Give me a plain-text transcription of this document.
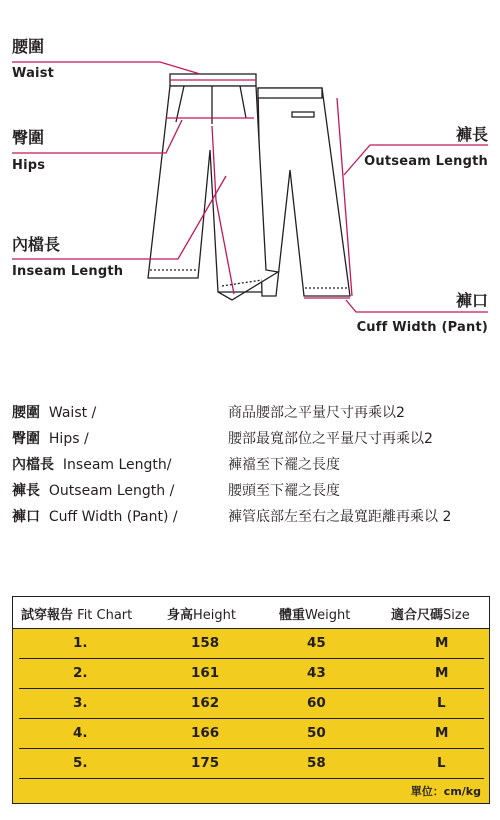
腰圍
Waist
臀圍
Hips
內檔長
Inseam Length
褲長
Outseam Length
褲口
Cuff Width (Pant)
腰圍 Waist /	商品腰部之平量尺寸再乘以2
臀圍 Hips /	腰部最寬部位之平量尺寸再乘以2
內檔長 Inseam Length/	褲襠至下襬之長度
褲長 Outseam Length /	腰頭至下襬之長度
褲口 Cuff Width (Pant) /	褲管底部左至右之最寬距離再乘以 2
試穿報告 Fit Chart	身高Height	體重Weight	適合尺碼Size
1.	158	45	M
2.	161	43	M
3.	162	60	L
4.	166	50	M
5.	175	58	L
單位：cm/kg
